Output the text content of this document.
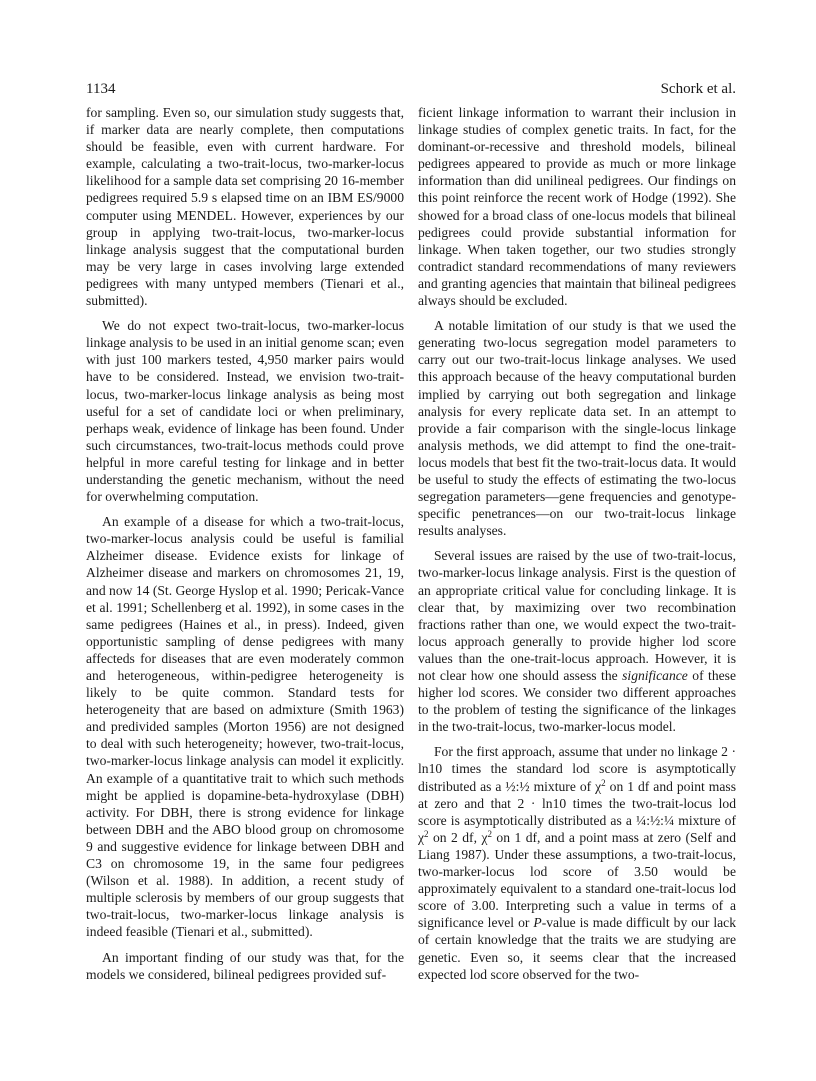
1134	Schork et al.

for sampling. Even so, our simulation study suggests that, if marker data are nearly complete, then computations should be feasible, even with current hardware. For example, calculating a two-trait-locus, two-marker-locus likelihood for a sample data set comprising 20 16-member pedigrees required 5.9 s elapsed time on an IBM ES/9000 computer using MENDEL. However, experiences by our group in applying two-trait-locus, two-marker-locus linkage analysis suggest that the computational burden may be very large in cases involving large extended pedigrees with many untyped members (Tienari et al., submitted).

We do not expect two-trait-locus, two-marker-locus linkage analysis to be used in an initial genome scan; even with just 100 markers tested, 4,950 marker pairs would have to be considered. Instead, we envision two-trait-locus, two-marker-locus linkage analysis as being most useful for a set of candidate loci or when preliminary, perhaps weak, evidence of linkage has been found. Under such circumstances, two-trait-locus methods could prove helpful in more careful testing for linkage and in better understanding the genetic mechanism, without the need for overwhelming computation.

An example of a disease for which a two-trait-locus, two-marker-locus analysis could be useful is familial Alzheimer disease. Evidence exists for linkage of Alzheimer disease and markers on chromosomes 21, 19, and now 14 (St. George Hyslop et al. 1990; Pericak-Vance et al. 1991; Schellenberg et al. 1992), in some cases in the same pedigrees (Haines et al., in press). Indeed, given opportunistic sampling of dense pedigrees with many affecteds for diseases that are even moderately common and heterogeneous, within-pedigree heterogeneity is likely to be quite common. Standard tests for heterogeneity that are based on admixture (Smith 1963) and predivided samples (Morton 1956) are not designed to deal with such heterogeneity; however, two-trait-locus, two-marker-locus linkage analysis can model it explicitly. An example of a quantitative trait to which such methods might be applied is dopamine-beta-hydroxylase (DBH) activity. For DBH, there is strong evidence for linkage between DBH and the ABO blood group on chromosome 9 and suggestive evidence for linkage between DBH and C3 on chromosome 19, in the same four pedigrees (Wilson et al. 1988). In addition, a recent study of multiple sclerosis by members of our group suggests that two-trait-locus, two-marker-locus linkage analysis is indeed feasible (Tienari et al., submitted).

An important finding of our study was that, for the models we considered, bilineal pedigrees provided suf-

ficient linkage information to warrant their inclusion in linkage studies of complex genetic traits. In fact, for the dominant-or-recessive and threshold models, bilineal pedigrees appeared to provide as much or more linkage information than did unilineal pedigrees. Our findings on this point reinforce the recent work of Hodge (1992). She showed for a broad class of one-locus models that bilineal pedigrees could provide substantial information for linkage. When taken together, our two studies strongly contradict standard recommendations of many reviewers and granting agencies that maintain that bilineal pedigrees always should be excluded.

A notable limitation of our study is that we used the generating two-locus segregation model parameters to carry out our two-trait-locus linkage analyses. We used this approach because of the heavy computational burden implied by carrying out both segregation and linkage analysis for every replicate data set. In an attempt to provide a fair comparison with the single-locus linkage analysis methods, we did attempt to find the one-trait-locus models that best fit the two-trait-locus data. It would be useful to study the effects of estimating the two-locus segregation parameters—gene frequencies and genotype-specific penetrances—on our two-trait-locus linkage results analyses.

Several issues are raised by the use of two-trait-locus, two-marker-locus linkage analysis. First is the question of an appropriate critical value for concluding linkage. It is clear that, by maximizing over two recombination fractions rather than one, we would expect the two-trait-locus approach generally to provide higher lod score values than the one-trait-locus approach. However, it is not clear how one should assess the significance of these higher lod scores. We consider two different approaches to the problem of testing the significance of the linkages in the two-trait-locus, two-marker-locus model.

For the first approach, assume that under no linkage 2 · ln10 times the standard lod score is asymptotically distributed as a ½:½ mixture of $\chi^2$ on 1 df and point mass at zero and that 2 · ln10 times the two-trait-locus lod score is asymptotically distributed as a ¼:½:¼ mixture of $\chi^2$ on 2 df, $\chi^2$ on 1 df, and a point mass at zero (Self and Liang 1987). Under these assumptions, a two-trait-locus, two-marker-locus lod score of 3.50 would be approximately equivalent to a standard one-trait-locus lod score of 3.00. Interpreting such a value in terms of a significance level or P-value is made difficult by our lack of certain knowledge that the traits we are studying are genetic. Even so, it seems clear that the increased expected lod score observed for the two-
